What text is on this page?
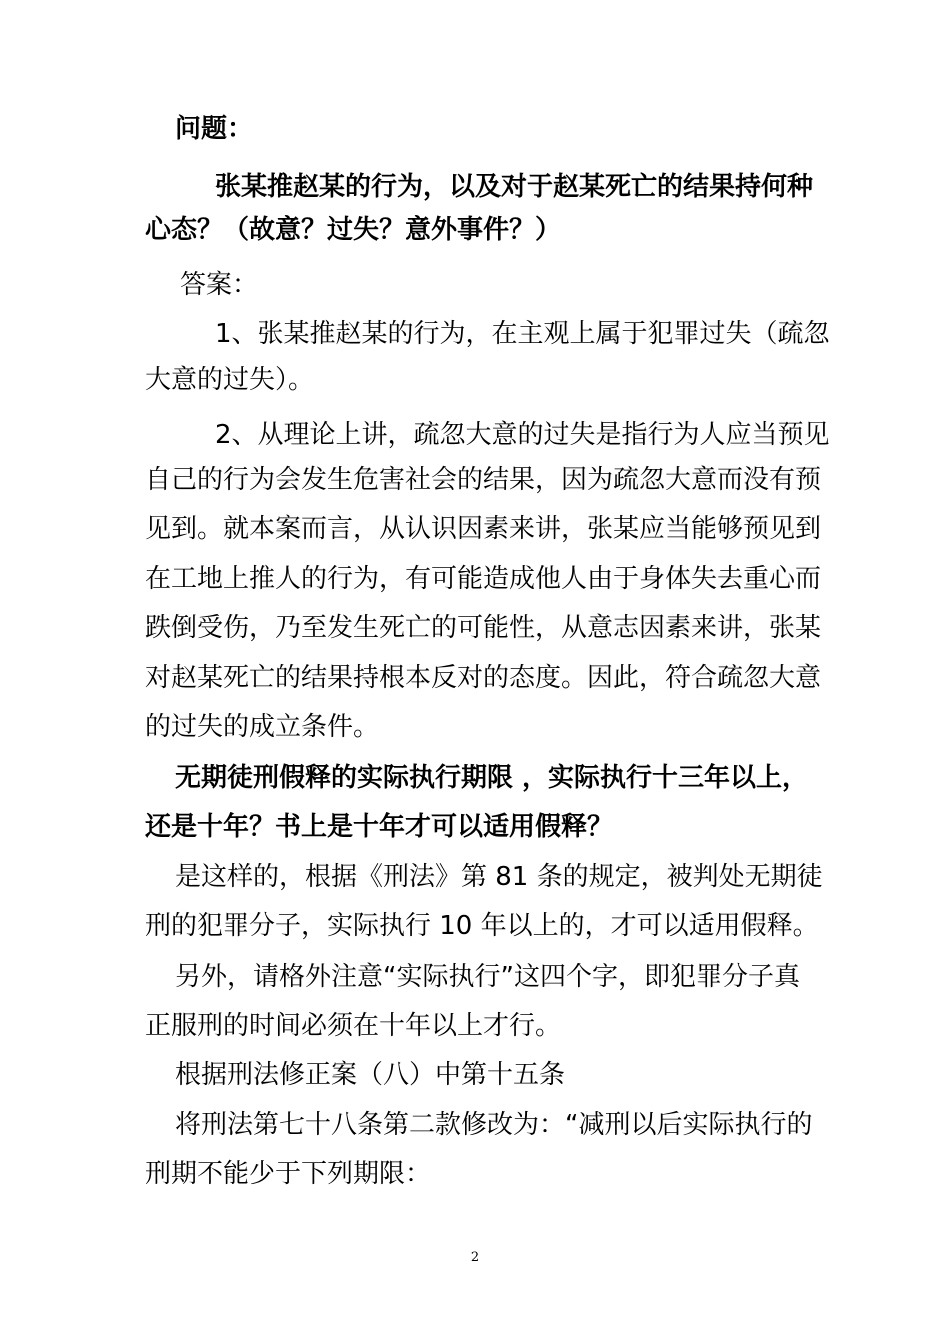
问题：
张某推赵某的行为，以及对于赵某死亡的结果持何种
心态？（故意？过失？意外事件？）
答案：
1、张某推赵某的行为，在主观上属于犯罪过失（疏忽
大意的过失）。
2、从理论上讲，疏忽大意的过失是指行为人应当预见
自己的行为会发生危害社会的结果，因为疏忽大意而没有预
见到。就本案而言，从认识因素来讲，张某应当能够预见到
在工地上推人的行为，有可能造成他人由于身体失去重心而
跌倒受伤，乃至发生死亡的可能性，从意志因素来讲，张某
对赵某死亡的结果持根本反对的态度。因此，符合疏忽大意
的过失的成立条件。
无期徒刑假释的实际执行期限 ，实际执行十三年以上，
还是十年？书上是十年才可以适用假释？
是这样的，根据《刑法》第 81 条的规定，被判处无期徒
刑的犯罪分子，实际执行 10 年以上的，才可以适用假释。
另外，请格外注意“实际执行”这四个字，即犯罪分子真
正服刑的时间必须在十年以上才行。
根据刑法修正案（八）中第十五条
将刑法第七十八条第二款修改为：“减刑以后实际执行的
刑期不能少于下列期限：
2
